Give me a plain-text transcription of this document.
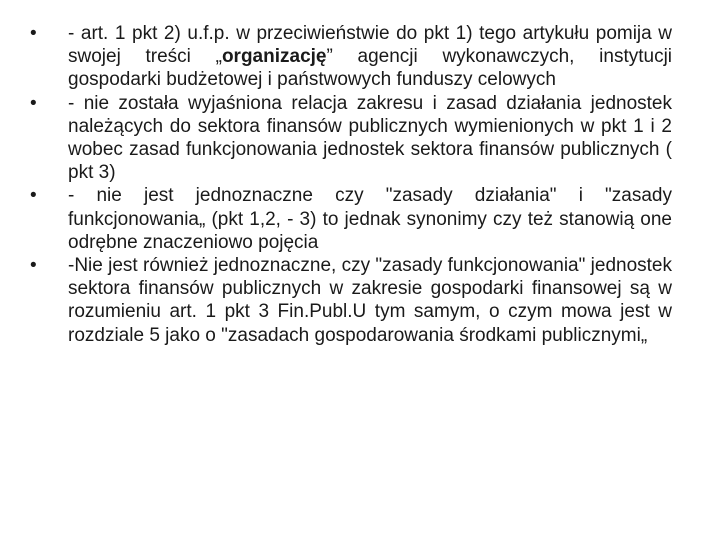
• - art. 1 pkt 2) u.f.p. w przeciwieństwie do pkt 1) tego artykułu pomija w swojej treści „organizację” agencji wykonawczych, instytucji gospodarki budżetowej i państwowych funduszy celowych
• - nie została wyjaśniona relacja zakresu i zasad działania jednostek należących do sektora finansów publicznych wymienionych w pkt 1 i 2 wobec zasad funkcjonowania jednostek sektora finansów publicznych ( pkt 3)
• - nie jest jednoznaczne czy "zasady działania" i "zasady funkcjonowania„ (pkt 1,2, - 3) to jednak synonimy czy też stanowią one odrębne znaczeniowo pojęcia
• -Nie jest również jednoznaczne, czy "zasady funkcjonowania" jednostek sektora finansów publicznych w zakresie gospodarki finansowej są w rozumieniu art. 1 pkt 3 Fin.Publ.U tym samym, o czym mowa jest w rozdziale 5 jako o "zasadach gospodarowania środkami publicznymi„
